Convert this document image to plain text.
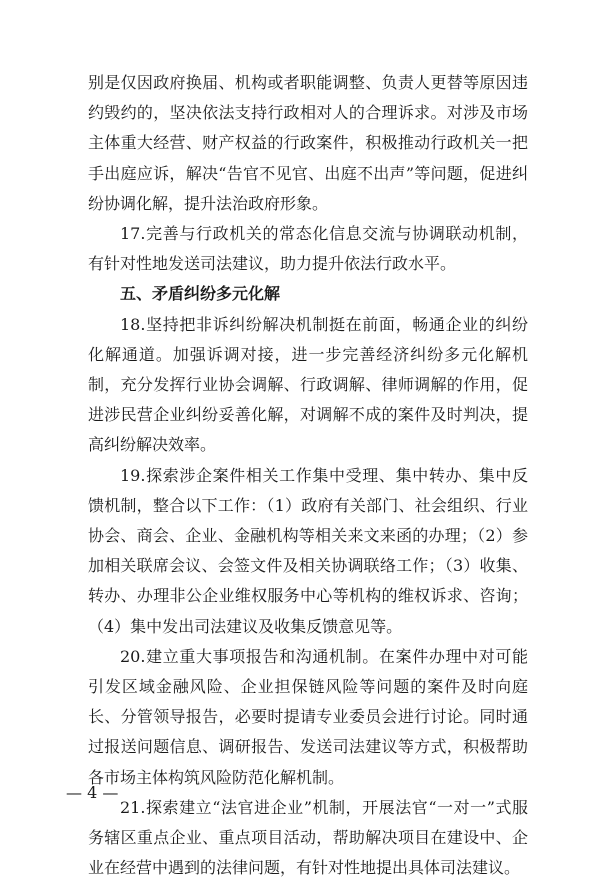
别是仅因政府换届、机构或者职能调整、负责人更替等原因违约毁约的，坚决依法支持行政相对人的合理诉求。对涉及市场主体重大经营、财产权益的行政案件，积极推动行政机关一把手出庭应诉，解决“告官不见官、出庭不出声”等问题，促进纠纷协调化解，提升法治政府形象。

17.完善与行政机关的常态化信息交流与协调联动机制，有针对性地发送司法建议，助力提升依法行政水平。

五、矛盾纠纷多元化解

18.坚持把非诉纠纷解决机制挺在前面，畅通企业的纠纷化解通道。加强诉调对接，进一步完善经济纠纷多元化解机制，充分发挥行业协会调解、行政调解、律师调解的作用，促进涉民营企业纠纷妥善化解，对调解不成的案件及时判决，提高纠纷解决效率。

19.探索涉企案件相关工作集中受理、集中转办、集中反馈机制，整合以下工作：（1）政府有关部门、社会组织、行业协会、商会、企业、金融机构等相关来文来函的办理；（2）参加相关联席会议、会签文件及相关协调联络工作；（3）收集、转办、办理非公企业维权服务中心等机构的维权诉求、咨询；（4）集中发出司法建议及收集反馈意见等。

20.建立重大事项报告和沟通机制。在案件办理中对可能引发区域金融风险、企业担保链风险等问题的案件及时向庭长、分管领导报告，必要时提请专业委员会进行讨论。同时通过报送问题信息、调研报告、发送司法建议等方式，积极帮助各市场主体构筑风险防范化解机制。

21.探索建立“法官进企业”机制，开展法官“一对一”式服务辖区重点企业、重点项目活动，帮助解决项目在建设中、企业在经营中遇到的法律问题，有针对性地提出具体司法建议。

— 4 —
